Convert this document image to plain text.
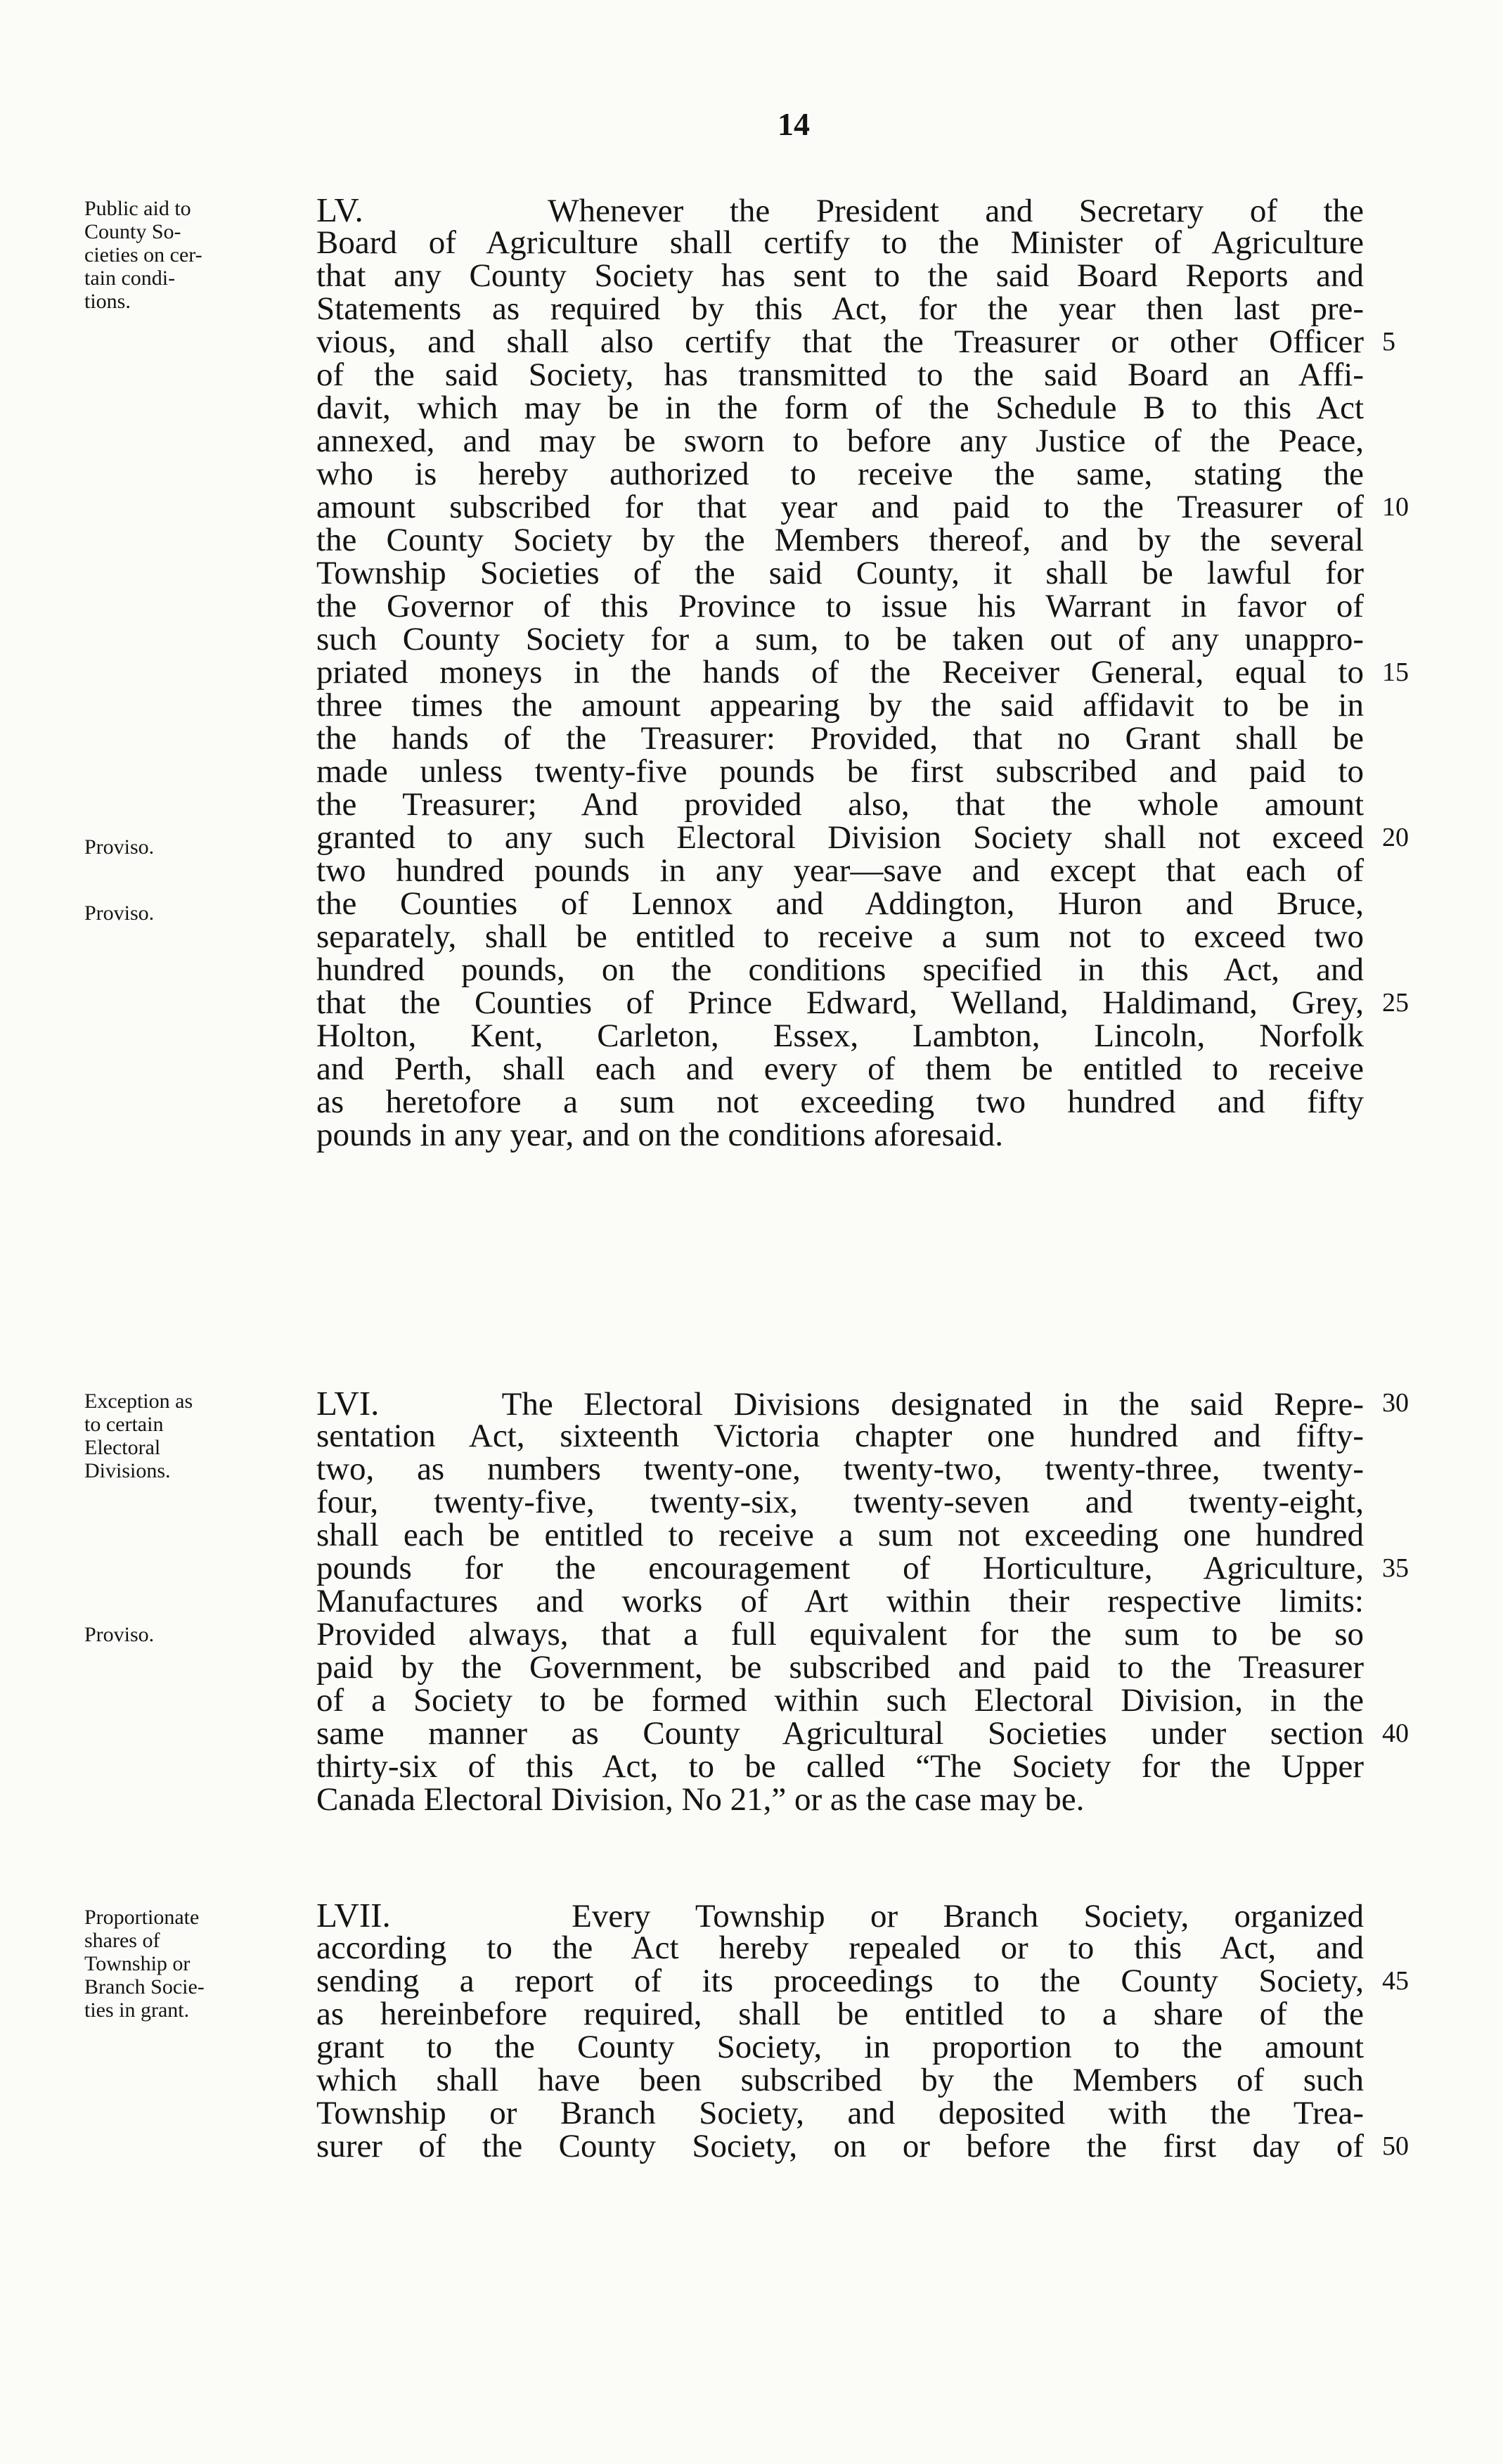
14
LV.	Whenever the President and Secretary of the
Board of Agriculture shall certify to the Minister of Agriculture
that any County Society has sent to the said Board Reports and
Statements as required by this Act, for the year then last pre-
vious, and shall also certify that the Treasurer or other Officer
of the said Society, has transmitted to the said Board an Affi-
davit, which may be in the form of the Schedule B to this Act
annexed, and may be sworn to before any Justice of the Peace,
who is hereby authorized to receive the same, stating the
amount subscribed for that year and paid to the Treasurer of
the County Society by the Members thereof, and by the several
Township Societies of the said County, it shall be lawful for
the Governor of this Province to issue his Warrant in favor of
such County Society for a sum, to be taken out of any unappro-
priated moneys in the hands of the Receiver General, equal to
three times the amount appearing by the said affidavit to be in
the hands of the Treasurer: Provided, that no Grant shall be
made unless twenty-five pounds be first subscribed and paid to
the Treasurer; And provided also, that the whole amount
granted to any such Electoral Division Society shall not exceed
two hundred pounds in any year—save and except that each of
the Counties of Lennox and Addington, Huron and Bruce,
separately, shall be entitled to receive a sum not to exceed two
hundred pounds, on the conditions specified in this Act, and
that the Counties of Prince Edward, Welland, Haldimand, Grey,
Holton, Kent, Carleton, Essex, Lambton, Lincoln, Norfolk
and Perth, shall each and every of them be entitled to receive
as heretofore a sum not exceeding two hundred and fifty
pounds in any year, and on the conditions aforesaid.
LVI.	The Electoral Divisions designated in the said Repre-
sentation Act, sixteenth Victoria chapter one hundred and fifty-
two, as numbers twenty-one, twenty-two, twenty-three, twenty-
four, twenty-five, twenty-six, twenty-seven and twenty-eight,
shall each be entitled to receive a sum not exceeding one hundred
pounds for the encouragement of Horticulture, Agriculture,
Manufactures and works of Art within their respective limits:
Provided always, that a full equivalent for the sum to be so
paid by the Government, be subscribed and paid to the Treasurer
of a Society to be formed within such Electoral Division, in the
same manner as County Agricultural Societies under section
thirty-six of this Act, to be called “The Society for the Upper
Canada Electoral Division, No 21,” or as the case may be.
LVII.	Every Township or Branch Society, organized
according to the Act hereby repealed or to this Act, and
sending a report of its proceedings to the County Society,
as hereinbefore required, shall be entitled to a share of the
grant to the County Society, in proportion to the amount
which shall have been subscribed by the Members of such
Township or Branch Society, and deposited with the Trea-
surer of the County Society, on or before the first day of
Public aid to
County So-
cieties on cer-
tain condi-
tions.
Proviso.
Proviso.
Exception as
to certain
Electoral
Divisions.
Proviso.
Proportionate
shares of
Township or
Branch Socie-
ties in grant.
5
10
15
20
25
30
35
40
45
50
